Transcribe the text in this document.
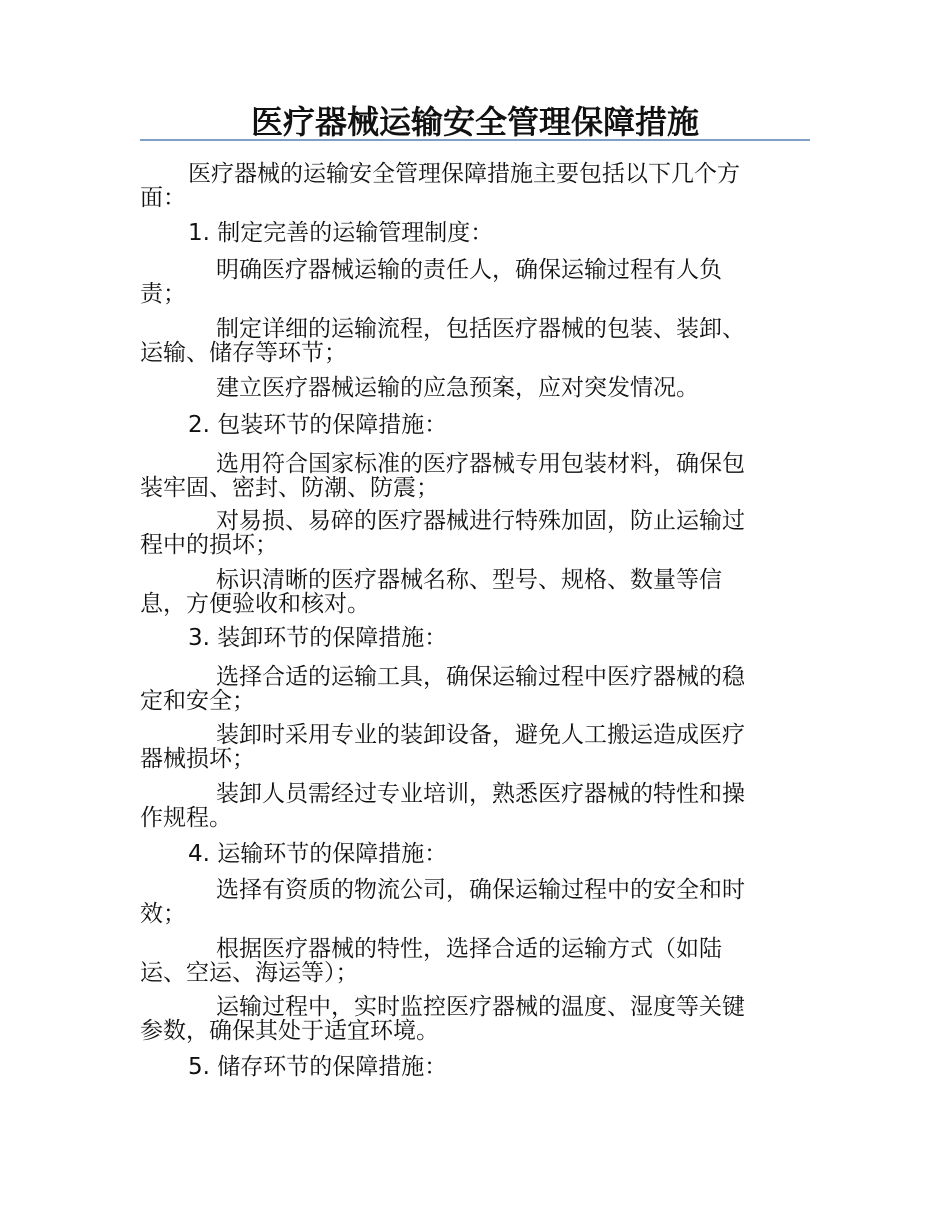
医疗器械运输安全管理保障措施
医疗器械的运输安全管理保障措施主要包括以下几个方
面：
1. 制定完善的运输管理制度：
明确医疗器械运输的责任人，确保运输过程有人负
责；
制定详细的运输流程，包括医疗器械的包装、装卸、
运输、储存等环节；
建立医疗器械运输的应急预案，应对突发情况。
2. 包装环节的保障措施：
选用符合国家标准的医疗器械专用包装材料，确保包
装牢固、密封、防潮、防震；
对易损、易碎的医疗器械进行特殊加固，防止运输过
程中的损坏；
标识清晰的医疗器械名称、型号、规格、数量等信
息，方便验收和核对。
3. 装卸环节的保障措施：
选择合适的运输工具，确保运输过程中医疗器械的稳
定和安全；
装卸时采用专业的装卸设备，避免人工搬运造成医疗
器械损坏；
装卸人员需经过专业培训，熟悉医疗器械的特性和操
作规程。
4. 运输环节的保障措施：
选择有资质的物流公司，确保运输过程中的安全和时
效；
根据医疗器械的特性，选择合适的运输方式（如陆
运、空运、海运等）；
运输过程中，实时监控医疗器械的温度、湿度等关键
参数，确保其处于适宜环境。
5. 储存环节的保障措施：
